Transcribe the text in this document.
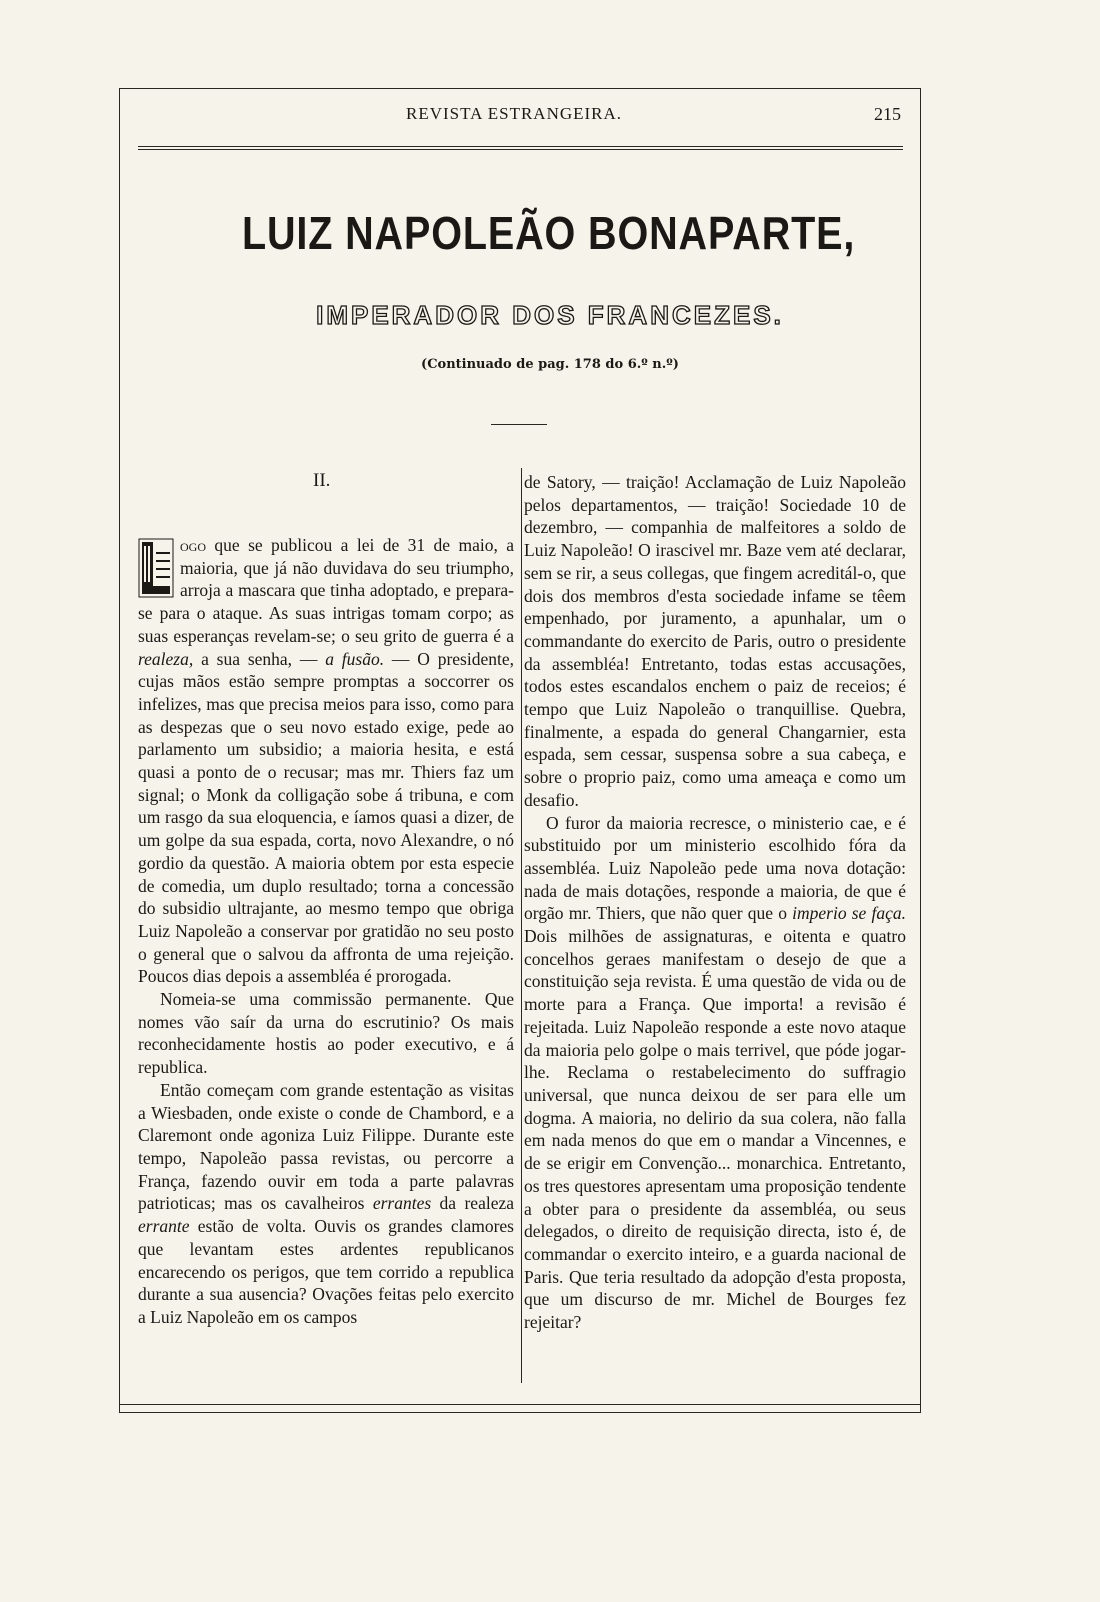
REVISTA ESTRANGEIRA.	215
LUIZ NAPOLEÃO BONAPARTE,
IMPERADOR DOS FRANCEZES.
(Continuado de pag. 178 do 6.º n.º)
II.

L
ogo que se publicou a lei de 31 de maio, a maioria, que já não duvidava do seu triumpho, arroja a mascara que tinha adoptado, e prepara-se para o ataque. As suas intrigas tomam corpo; as suas esperanças revelam-se; o seu grito de guerra é a realeza, a sua senha, — a fusão. — O presidente, cujas mãos estão sempre promptas a soccorrer os infelizes, mas que precisa meios para isso, como para as despezas que o seu novo estado exige, pede ao parlamento um subsidio; a maioria hesita, e está quasi a ponto de o recusar; mas mr. Thiers faz um signal; o Monk da colligação sobe á tribuna, e com um rasgo da sua eloquencia, e íamos quasi a dizer, de um golpe da sua espada, corta, novo Alexandre, o nó gordio da questão. A maioria obtem por esta especie de comedia, um duplo resultado; torna a concessão do subsidio ultrajante, ao mesmo tempo que obriga Luiz Napoleão a conservar por gratidão no seu posto o general que o salvou da affronta de uma rejeição. Poucos dias depois a assembléa é prorogada.

Nomeia-se uma commissão permanente. Que nomes vão saír da urna do escrutinio? Os mais reconhecidamente hostis ao poder executivo, e á republica.

Então começam com grande estentação as visitas a Wiesbaden, onde existe o conde de Chambord, e a Claremont onde agoniza Luiz Filippe. Durante este tempo, Napoleão passa revistas, ou percorre a França, fazendo ouvir em toda a parte palavras patrioticas; mas os cavalheiros errantes da realeza errante estão de volta. Ouvis os grandes clamores que levantam estes ardentes republicanos encarecendo os perigos, que tem corrido a republica durante a sua ausencia? Ovações feitas pelo exercito a Luiz Napoleão em os campos

de Satory, — traição! Acclamação de Luiz Napoleão pelos departamentos, — traição! Sociedade 10 de dezembro, — companhia de malfeitores a soldo de Luiz Napoleão! O irascivel mr. Baze vem até declarar, sem se rir, a seus collegas, que fingem acreditál-o, que dois dos membros d'esta sociedade infame se têem empenhado, por juramento, a apunhalar, um o commandante do exercito de Paris, outro o presidente da assembléa! Entretanto, todas estas accusações, todos estes escandalos enchem o paiz de receios; é tempo que Luiz Napoleão o tranquillise. Quebra, finalmente, a espada do general Changarnier, esta espada, sem cessar, suspensa sobre a sua cabeça, e sobre o proprio paiz, como uma ameaça e como um desafio.

O furor da maioria recresce, o ministerio cae, e é substituido por um ministerio escolhido fóra da assembléa. Luiz Napoleão pede uma nova dotação: nada de mais dotações, responde a maioria, de que é orgão mr. Thiers, que não quer que o imperio se faça. Dois milhões de assignaturas, e oitenta e quatro concelhos geraes manifestam o desejo de que a constituição seja revista. É uma questão de vida ou de morte para a França. Que importa! a revisão é rejeitada. Luiz Napoleão responde a este novo ataque da maioria pelo golpe o mais terrivel, que póde jogar-lhe. Reclama o restabelecimento do suffragio universal, que nunca deixou de ser para elle um dogma. A maioria, no delirio da sua colera, não falla em nada menos do que em o mandar a Vincennes, e de se erigir em Convenção... monarchica. Entretanto, os tres questores apresentam uma proposição tendente a obter para o presidente da assembléa, ou seus delegados, o direito de requisição directa, isto é, de commandar o exercito inteiro, e a guarda nacional de Paris. Que teria resultado da adopção d'esta proposta, que um discurso de mr. Michel de Bourges fez rejeitar?
